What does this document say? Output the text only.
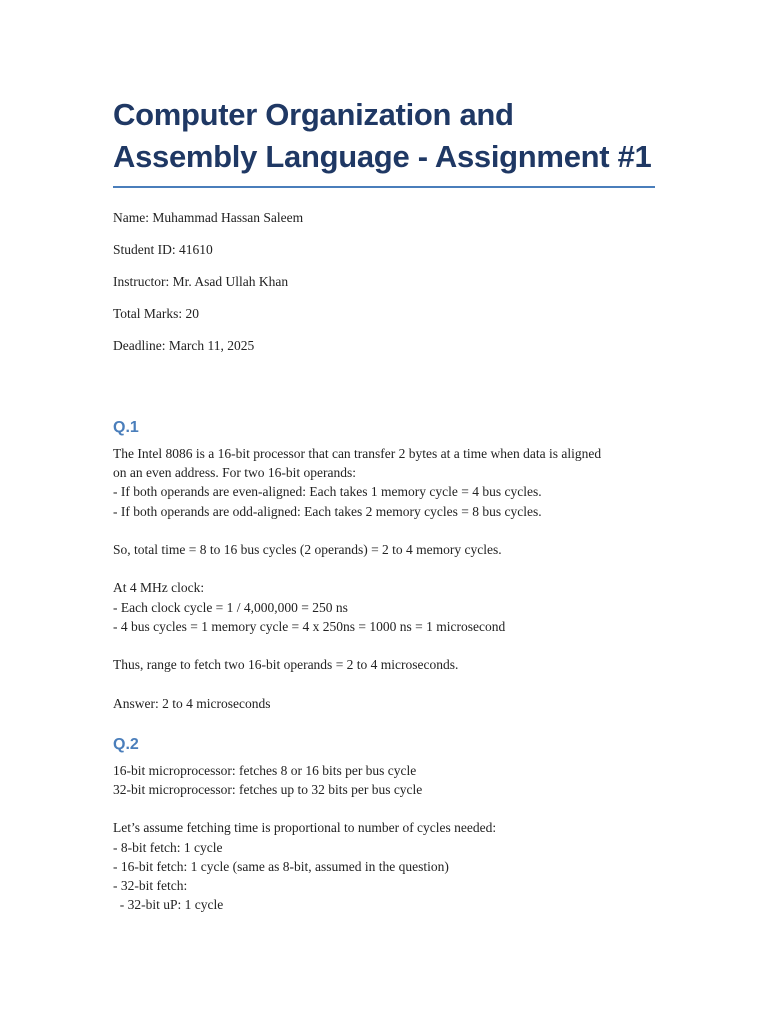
Computer Organization and Assembly Language - Assignment #1

Name: Muhammad Hassan Saleem

Student ID: 41610

Instructor: Mr. Asad Ullah Khan

Total Marks: 20

Deadline: March 11, 2025

Q.1

The Intel 8086 is a 16-bit processor that can transfer 2 bytes at a time when data is aligned

on an even address. For two 16-bit operands:

- If both operands are even-aligned: Each takes 1 memory cycle = 4 bus cycles.

- If both operands are odd-aligned: Each takes 2 memory cycles = 8 bus cycles.

So, total time = 8 to 16 bus cycles (2 operands) = 2 to 4 memory cycles.

At 4 MHz clock:

- Each clock cycle = 1 / 4,000,000 = 250 ns

- 4 bus cycles = 1 memory cycle = 4 x 250ns = 1000 ns = 1 microsecond

Thus, range to fetch two 16-bit operands = 2 to 4 microseconds.

Answer: 2 to 4 microseconds

Q.2

16-bit microprocessor: fetches 8 or 16 bits per bus cycle

32-bit microprocessor: fetches up to 32 bits per bus cycle

Let’s assume fetching time is proportional to number of cycles needed:

- 8-bit fetch: 1 cycle

- 16-bit fetch: 1 cycle (same as 8-bit, assumed in the question)

- 32-bit fetch:

- 32-bit uP: 1 cycle
